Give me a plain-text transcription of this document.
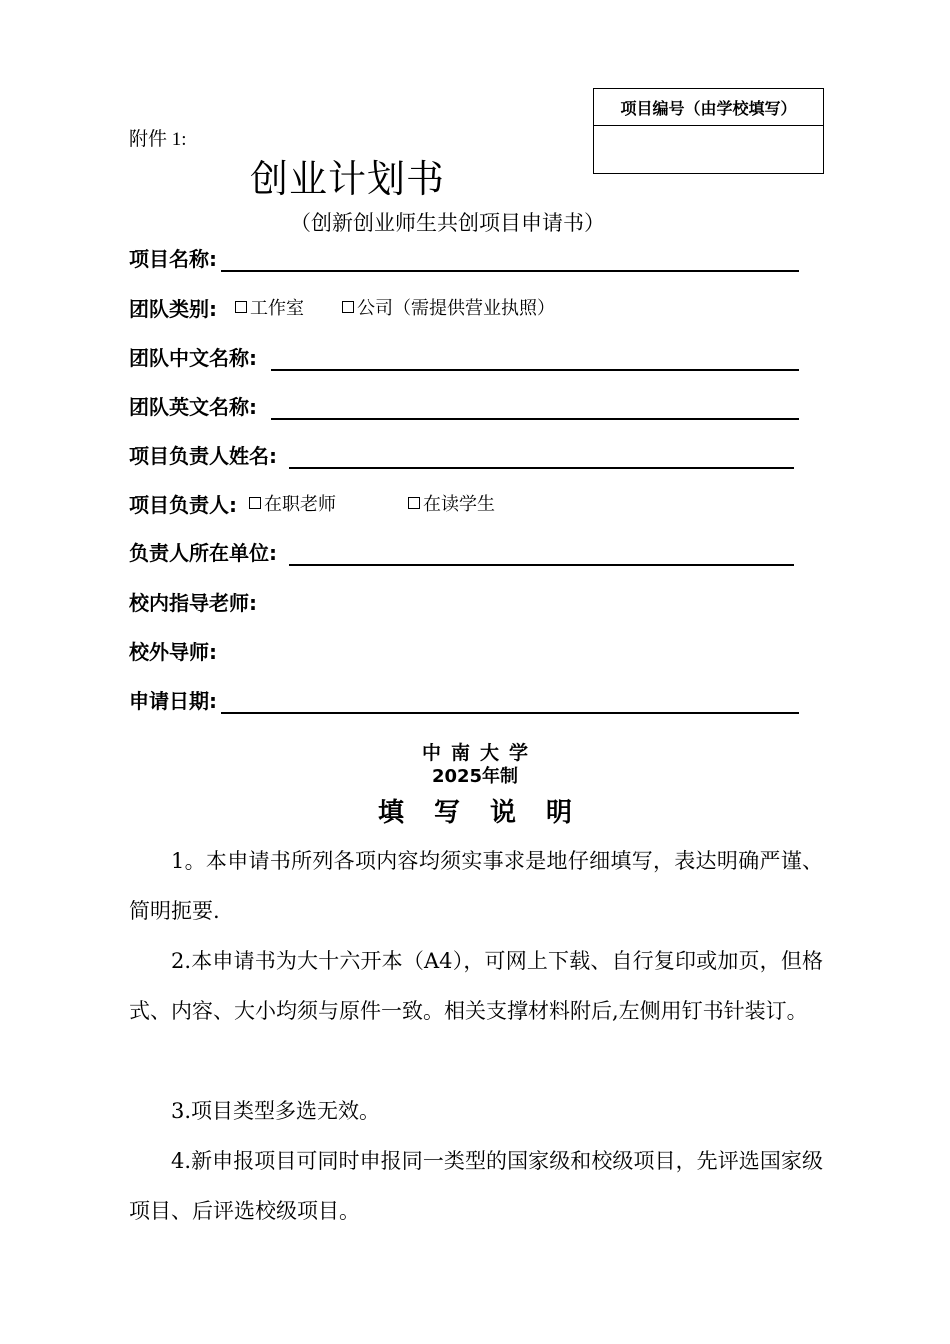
附件 1:
项目编号（由学校填写）
创业计划书
（创新创业师生共创项目申请书）
项目名称:
团队类别: 工作室	公司（需提供营业执照）
团队中文名称:
团队英文名称:
项目负责人姓名:
项目负责人: 在职老师	在读学生
负责人所在单位:
校内指导老师:
校外导师:
申请日期:
中南大学
2025年制
填写说明
1。本申请书所列各项内容均须实事求是地仔细填写，表达明确严谨、简明扼要.
2.本申请书为大十六开本（A4），可网上下载、自行复印或加页，但格式、内容、大小均须与原件一致。相关支撑材料附后,左侧用钉书针装订。
3.项目类型多选无效。
4.新申报项目可同时申报同一类型的国家级和校级项目，先评选国家级项目、后评选校级项目。
